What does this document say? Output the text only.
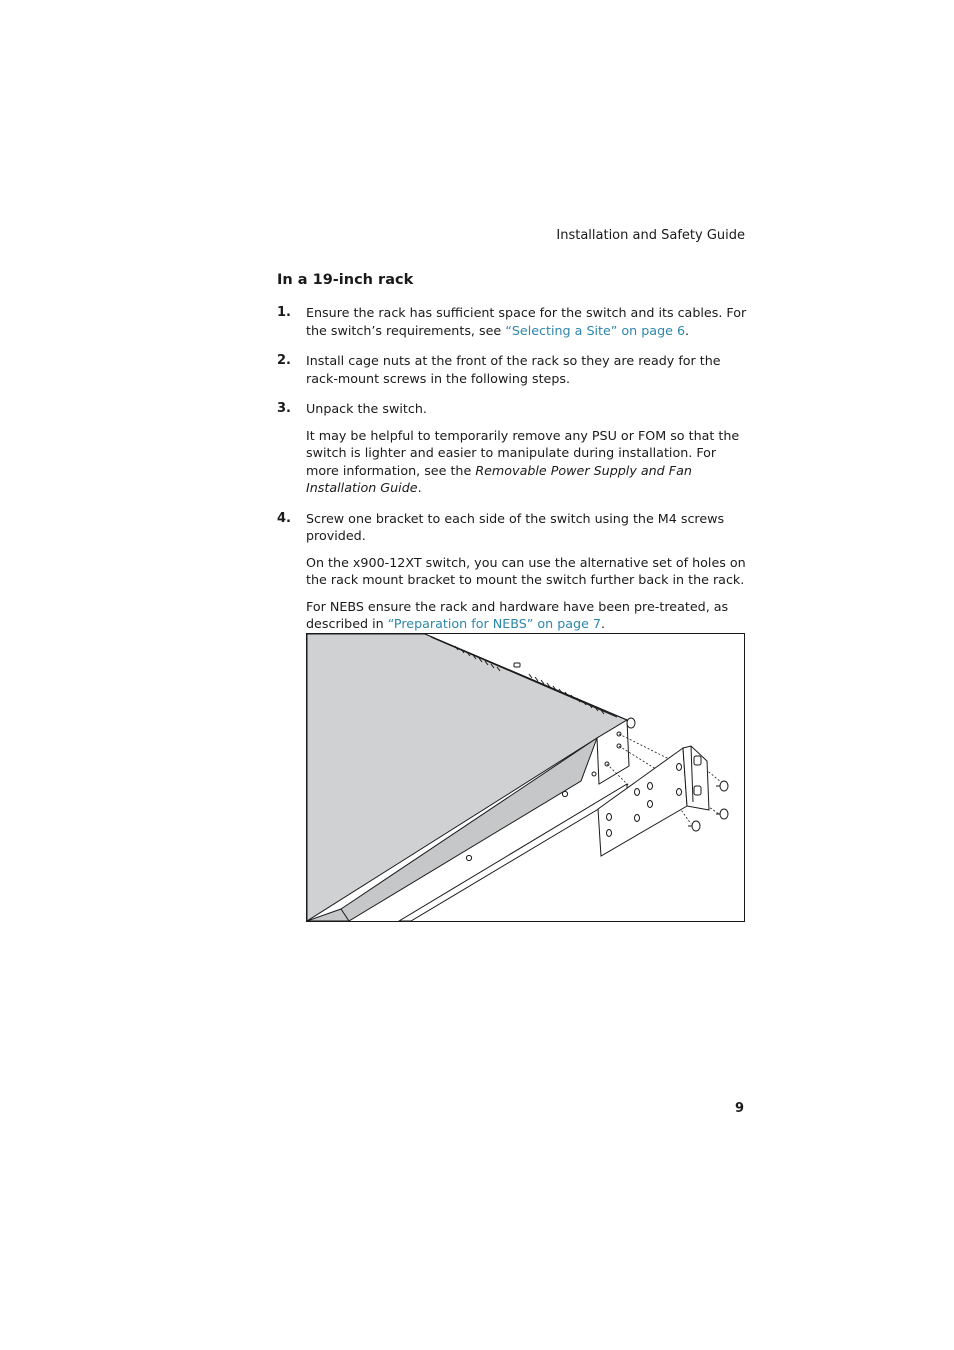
Installation and Safety Guide
In a 19-inch rack
1. Ensure the rack has sufficient space for the switch and its cables. For the switch’s requirements, see “Selecting a Site” on page 6.

2. Install cage nuts at the front of the rack so they are ready for the rack-mount screws in the following steps.

3. Unpack the switch.

It may be helpful to temporarily remove any PSU or FOM so that the switch is lighter and easier to manipulate during installation. For more information, see the Removable Power Supply and Fan Installation Guide.

4. Screw one bracket to each side of the switch using the M4 screws provided.

On the x900-12XT switch, you can use the alternative set of holes on the rack mount bracket to mount the switch further back in the rack.

For NEBS ensure the rack and hardware have been pre-treated, as described in “Preparation for NEBS” on page 7.

9
